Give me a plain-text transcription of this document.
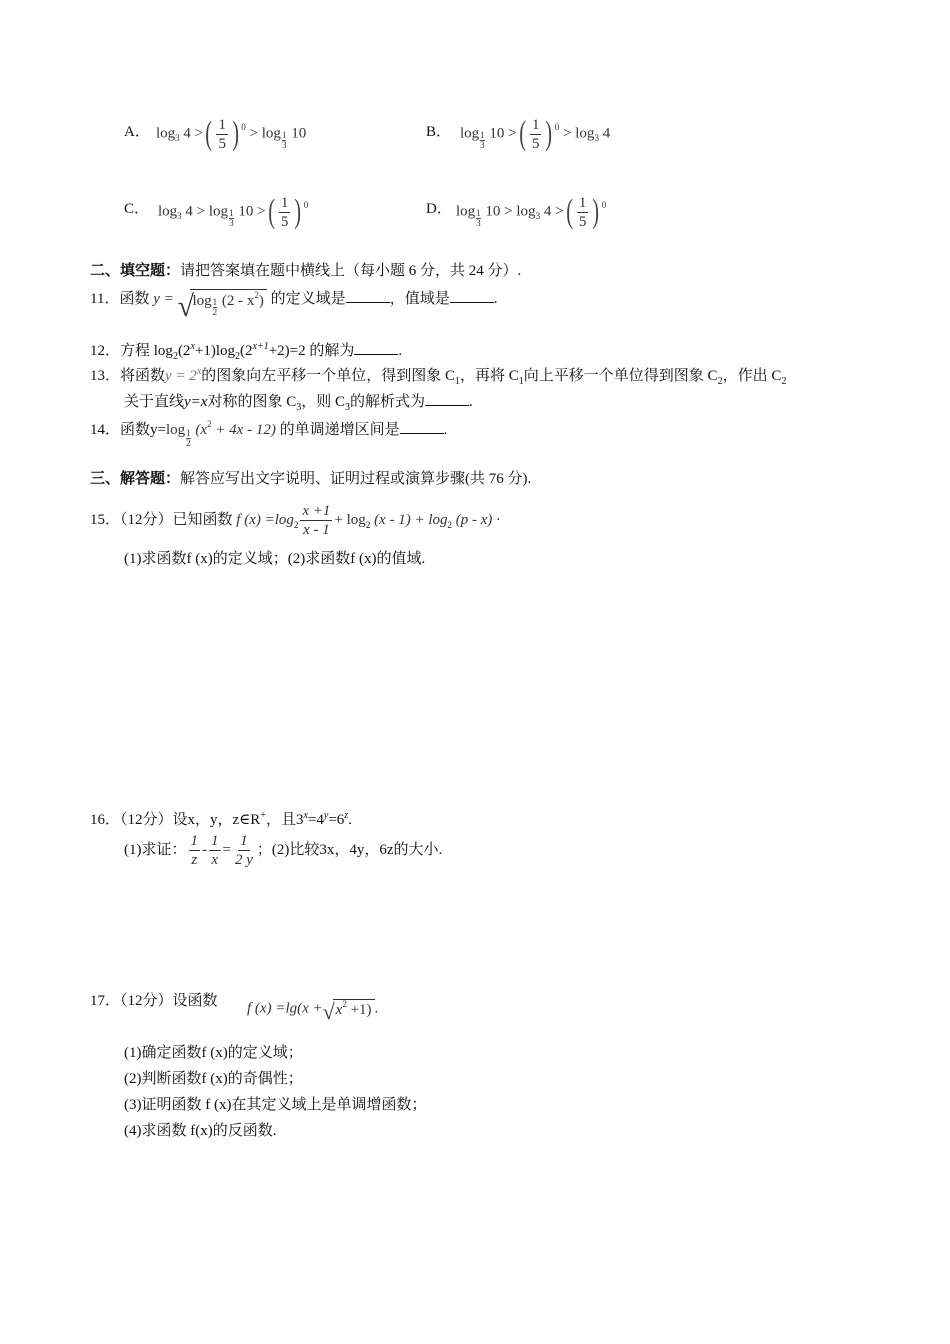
A． $\log_3 4$ >( $\frac{1}{5}$ ) $^0 > \log \frac{1}{3} 10$	B． $\log \frac{1}{3} 10$ >( $\frac{1}{5}$ ) $^0 > \log_3 4$
C． $\log_3 4 > \log \frac{1}{3} 10$ >( $\frac{1}{5}$ ) $^0$	D． $\log \frac{1}{3} 10 > \log_3 4$ >( $\frac{1}{5}$ ) $^0$
二、填空题：请把答案填在题中横线上（每小题 6 分，共 24 分）.
11．函数 y = √
$\log \frac{1}{2} (2 - x^2)$ 的定义域是	，值域是	.
12．方程 $\log_2(2^x+1)\log_2(2^{x+1}+2)=2$ 的解为	.
13．将函数$y = 2^x$的图象向左平移一个单位，得到图象 $C_1$，再将 $C_1$向上平移一个单位得到图象 $C_2$，作出 $C_2$
关于直线y=x对称的图象 $C_3$，则 $C_3$的解析式为	.
14．函数$y=\log \frac{1}{2} (x^2 + 4x - 12)$ 的单调递增区间是	.
三、解答题：解答应写出文字说明、证明过程或演算步骤(共 76 分).
15．（12分）已知函数 f $(x) =\log_2 \frac{x +1}{x - 1} + \log_2 (x - 1) + \log_2 (p - x)$ ·
(1)求函数f (x)的定义域；(2)求函数f (x)的值域.
16．（12分）设x，y，z∈R+，且$3^x=4^y=6^z$.
(1)求证： $\frac{1}{z} - \frac{1}{x} = \frac{1}{2 y}$ ；(2)比较3x，4y，6z的大小.
17．（12分）设函数 f (x) =lg(x + √ $x^2 +1$) .
(1)确定函数f (x)的定义域；
(2)判断函数f (x)的奇偶性；
(3)证明函数 f (x)在其定义域上是单调增函数；
(4)求函数 f(x)的反函数.
